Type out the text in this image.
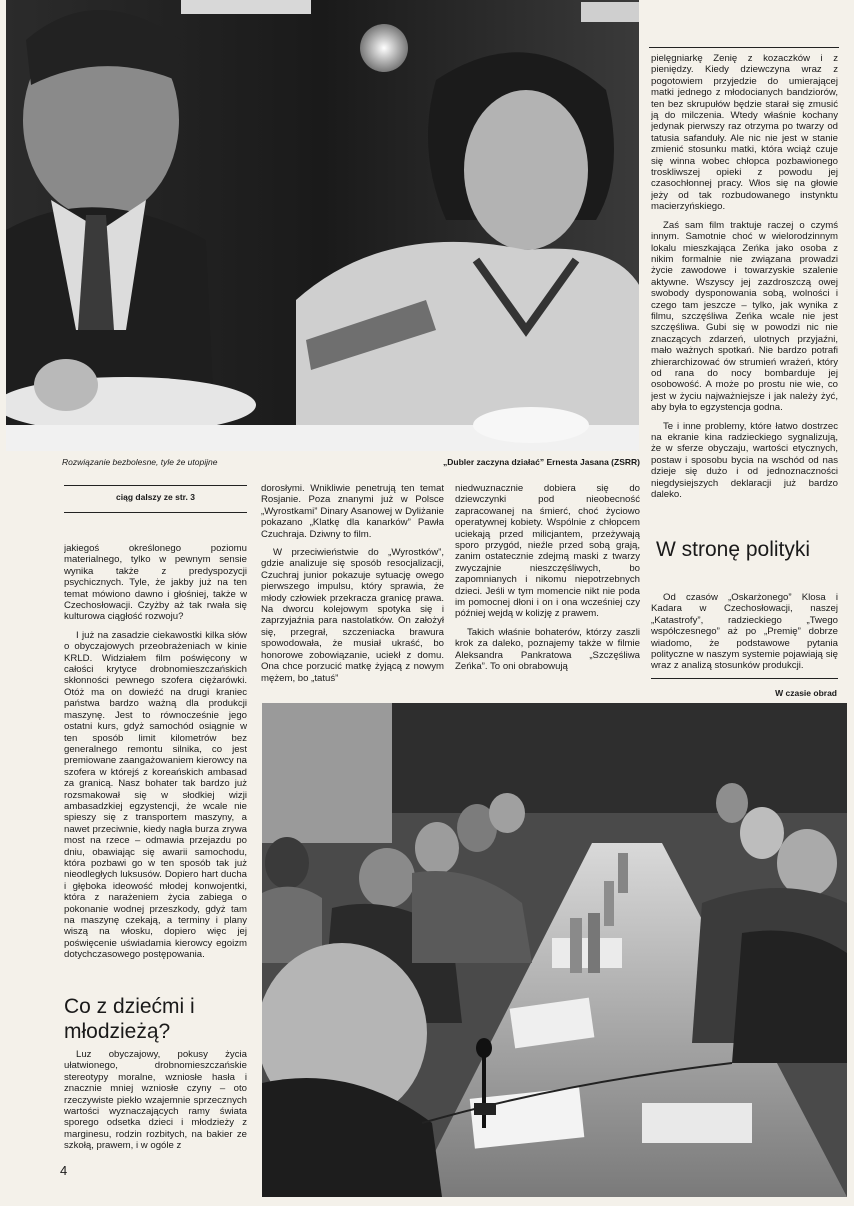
Rozwiązanie bezbolesne, tyle że utopijne	„Dubler zaczyna działać” Ernesta Jasana (ZSRR)

pielęgniarkę Zenię z kozaczków i z pieniędzy. Kiedy dziewczyna wraz z pogotowiem przyjedzie do umierającej matki jednego z młodocianych bandziorów, ten bez skrupułów będzie starał się zmusić ją do milczenia. Wtedy właśnie kochany jedynak pierwszy raz otrzyma po twarzy od tatusia safanduły. Ale nic nie jest w stanie zmienić stosunku matki, która wciąż czuje się winna wobec chłopca pozbawionego troskliwszej opieki z powodu jej czasochłonnej pracy. Włos się na głowie jeży od tak rozbudowanego instynktu macierzyńskiego.

Zaś sam film traktuje raczej o czymś innym. Samotnie choć w wielorodzinnym lokalu mieszkająca Zeńka jako osoba z nikim formalnie nie związana prowadzi życie zawodowe i towarzyskie szalenie aktywne. Wszyscy jej zazdroszczą owej swobody dysponowania sobą, wolności i czego tam jeszcze – tylko, jak wynika z filmu, szczęśliwa Zeńka wcale nie jest szczęśliwa. Gubi się w powodzi nic nie znaczących zdarzeń, ulotnych przyjaźni, mało ważnych spotkań. Nie bardzo potrafi zhierarchizować ów strumień wrażeń, który od rana do nocy bombarduje jej osobowość. A może po prostu nie wie, co jest w życiu najważniejsze i jak należy żyć, aby była to egzystencja godna.

Te i inne problemy, które łatwo dostrzec na ekranie kina radzieckiego sygnalizują, że w sferze obyczaju, wartości etycznych, postaw i sposobu bycia na wschód od nas dzieje się dużo i od jednoznaczności niegdysiejszych deklaracji już bardzo daleko.

W stronę polityki

Od czasów „Oskarżonego” Klosa i Kadara w Czechosłowacji, naszej „Katastrofy”, radzieckiego „Twego współczesnego” aż po „Premię” dobrze wiadomo, że podstawowe pytania polityczne w naszym systemie pojawiają się wraz z analizą stosunków produkcji.

W czasie obrad
ciąg dalszy ze str. 3

jakiegoś określonego poziomu materialnego, tylko w pewnym sensie wynika także z predyspozycji psychicznych. Tyle, że jakby już na ten temat mówiono dawno i głośniej, także w Czechosłowacji. Czyżby aż tak rwała się kulturowa ciągłość rozwoju?

I już na zasadzie ciekawostki kilka słów o obyczajowych przeobrażeniach w kinie KRLD. Widziałem film poświęcony w całości krytyce drobnomieszczańskich skłonności pewnego szofera ciężarówki. Otóż ma on dowieźć na drugi kraniec państwa bardzo ważną dla produkcji maszynę. Jest to równocześnie jego ostatni kurs, gdyż samochód osiągnie w ten sposób limit kilometrów bez generalnego remontu silnika, co jest premiowane zaangażowaniem kierowcy na szofera w którejś z koreańskich ambasad za granicą. Nasz bohater tak bardzo już rozsmakował się w słodkiej wizji ambasadzkiej egzystencji, że wcale nie spieszy się z transportem maszyny, a nawet przeciwnie, kiedy nagła burza zrywa most na rzece – odmawia przejazdu po dniu, obawiając się awarii samochodu, która pozbawi go w ten sposób tak już nieodległych luksusów. Dopiero hart ducha i głęboka ideowość młodej konwojentki, która z narażeniem życia zabiega o pokonanie wodnej przeszkody, gdyż tam na maszynę czekają, a terminy i plany wiszą na włosku, dopiero więc jej poświęcenie uświadamia kierowcy egoizm dotychczasowego postępowania.

Co z dziećmi i młodzieżą?

Luz obyczajowy, pokusy życia ułatwionego, drobnomieszczańskie stereotypy moralne, wzniosłe hasła i znacznie mniej wzniosłe czyny – oto rzeczywiste piekło wzajemnie sprzecznych wartości wyznaczających ramy świata sporego odsetka dzieci i młodzieży z marginesu, rodzin rozbitych, na bakier ze szkołą, prawem, i w ogóle z

4

dorosłymi. Wnikliwie penetrują ten temat Rosjanie. Poza znanymi już w Polsce „Wyrostkami” Dinary Asanowej w Dyliżanie pokazano „Klatkę dla kanarków” Pawła Czuchraja. Dziwny to film.

W przeciwieństwie do „Wyrostków”, gdzie analizuje się sposób resocjalizacji, Czuchraj junior pokazuje sytuację owego pierwszego impulsu, który sprawia, że młody człowiek przekracza granicę prawa. Na dworcu kolejowym spotyka się i zaprzyjaźnia para nastolatków. On założył się, przegrał, szczeniacka brawura spowodowała, że musiał ukraść, bo honorowe zobowiązanie, uciekł z domu. Ona chce porzucić matkę żyjącą z nowym mężem, bo „tatuś”

niedwuznacznie dobiera się do dziewczynki pod nieobecność zapracowanej na śmierć, choć życiowo operatywnej kobiety. Wspólnie z chłopcem uciekają przed milicjantem, przeżywają sporo przygód, nieźle przed sobą grają, zanim ostatecznie zdejmą maski z twarzy zwyczajnie nieszczęśliwych, bo zapomnianych i nikomu niepotrzebnych dzieci. Jeśli w tym momencie nikt nie poda im pomocnej dłoni i on i ona wcześniej czy później wejdą w kolizję z prawem.

Takich właśnie bohaterów, którzy zaszli krok za daleko, poznajemy także w filmie Aleksandra Pankratowa „Szczęśliwa Zeńka”. To oni obrabowują
